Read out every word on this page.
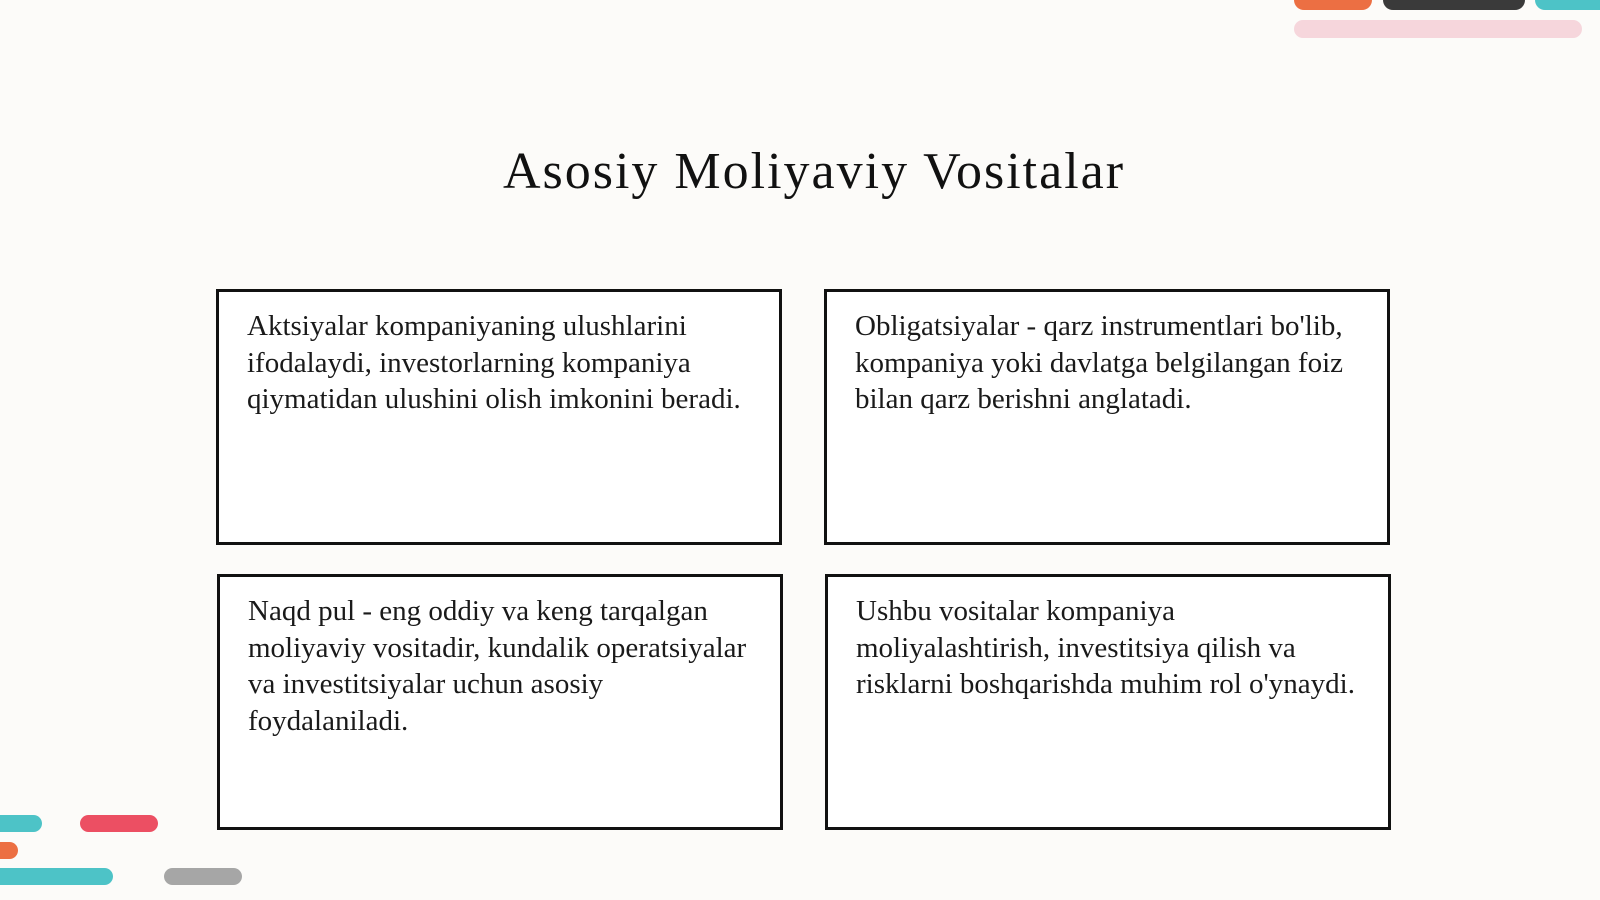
Asosiy Moliyaviy Vositalar
Aktsiyalar kompaniyaning ulushlarini ifodalaydi, investorlarning kompaniya qiymatidan ulushini olish imkonini beradi.
Obligatsiyalar - qarz instrumentlari bo'lib, kompaniya yoki davlatga belgilangan foiz bilan qarz berishni anglatadi.
Naqd pul - eng oddiy va keng tarqalgan moliyaviy vositadir, kundalik operatsiyalar va investitsiyalar uchun asosiy foydalaniladi.
Ushbu vositalar kompaniya moliyalashtirish, investitsiya qilish va risklarni boshqarishda muhim rol o'ynaydi.
